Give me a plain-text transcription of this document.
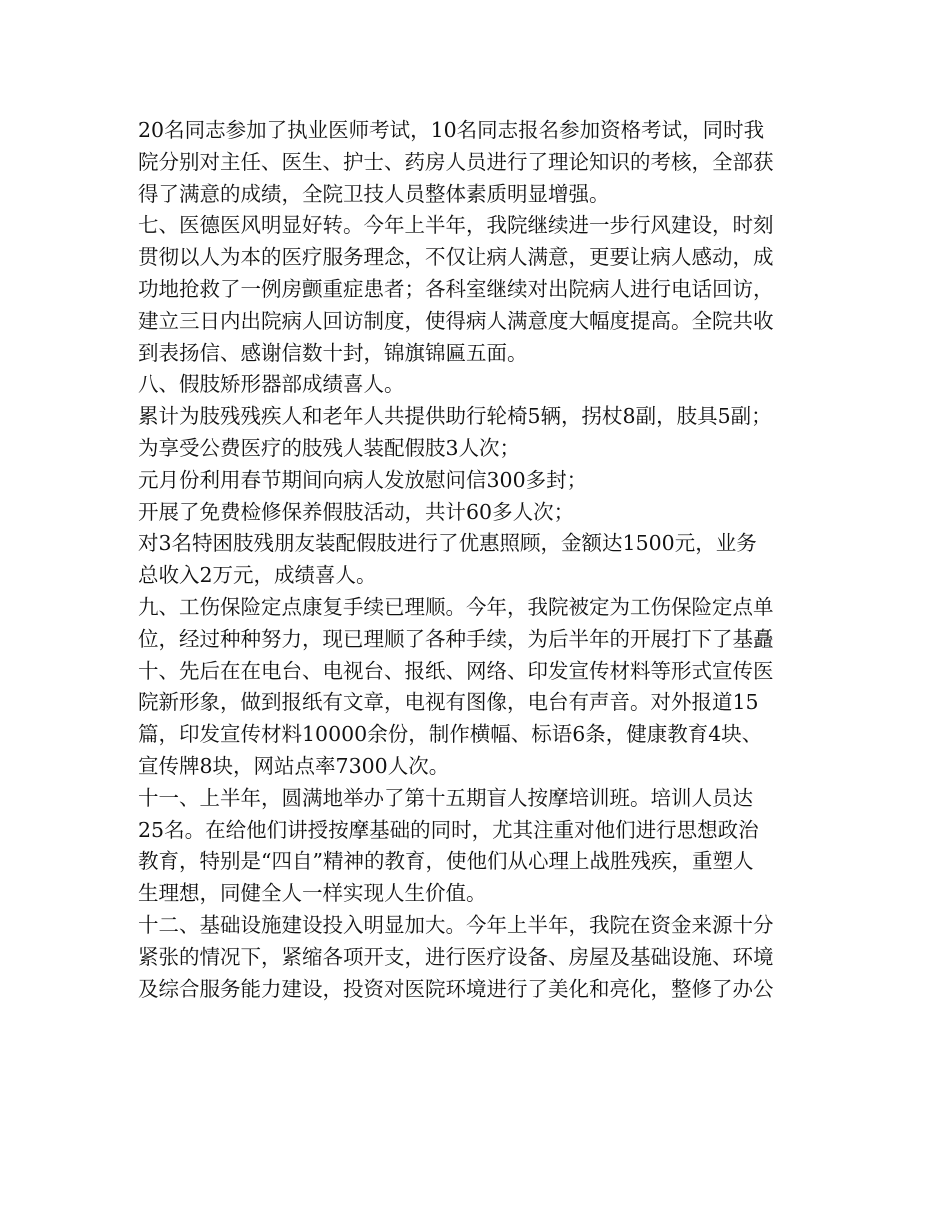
20名同志参加了执业医师考试，10名同志报名参加资格考试，同时我
院分别对主任、医生、护士、药房人员进行了理论知识的考核，全部获
得了满意的成绩，全院卫技人员整体素质明显增强。
七、医德医风明显好转。今年上半年，我院继续进一步行风建设，时刻
贯彻以人为本的医疗服务理念，不仅让病人满意，更要让病人感动，成
功地抢救了一例房颤重症患者；各科室继续对出院病人进行电话回访，
建立三日内出院病人回访制度，使得病人满意度大幅度提高。全院共收
到表扬信、感谢信数十封，锦旗锦匾五面。
八、假肢矫形器部成绩喜人。
累计为肢残残疾人和老年人共提供助行轮椅5辆，拐杖8副，肢具5副；
为享受公费医疗的肢残人装配假肢3人次；
元月份利用春节期间向病人发放慰问信300多封；
开展了免费检修保养假肢活动，共计60多人次；
对3名特困肢残朋友装配假肢进行了优惠照顾，金额达1500元，业务
总收入2万元，成绩喜人。
九、工伤保险定点康复手续已理顺。今年，我院被定为工伤保险定点单
位，经过种种努力，现已理顺了各种手续，为后半年的开展打下了基矗
十、先后在在电台、电视台、报纸、网络、印发宣传材料等形式宣传医
院新形象，做到报纸有文章，电视有图像，电台有声音。对外报道15
篇，印发宣传材料10000余份，制作横幅、标语6条，健康教育4块、
宣传牌8块，网站点率7300人次。
十一、上半年，圆满地举办了第十五期盲人按摩培训班。培训人员达
25名。在给他们讲授按摩基础的同时，尤其注重对他们进行思想政治
教育，特别是“四自”精神的教育，使他们从心理上战胜残疾，重塑人
生理想，同健全人一样实现人生价值。
十二、基础设施建设投入明显加大。今年上半年，我院在资金来源十分
紧张的情况下，紧缩各项开支，进行医疗设备、房屋及基础设施、环境
及综合服务能力建设，投资对医院环境进行了美化和亮化，整修了办公
